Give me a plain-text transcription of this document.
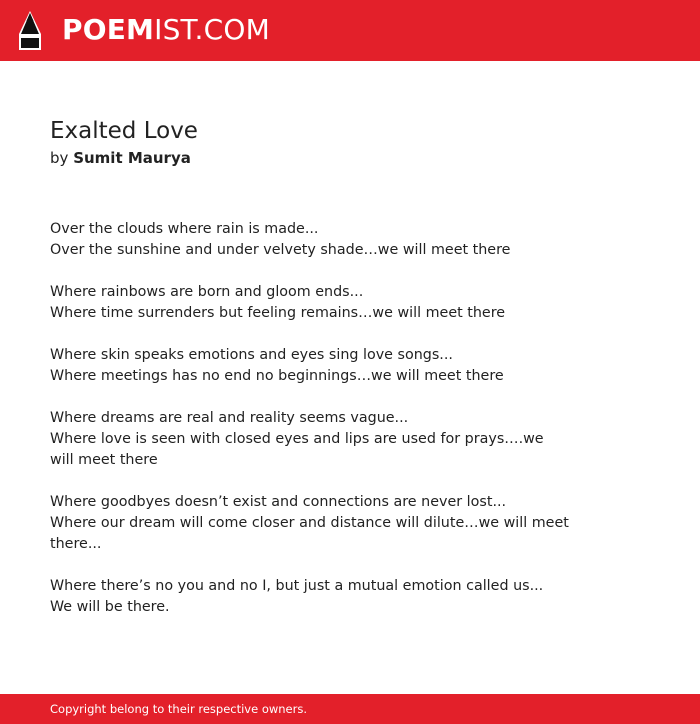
POEMIST.COM
Exalted Love
by Sumit Maurya
Over the clouds where rain is made...
Over the sunshine and under velvety shade…we will meet there
Where rainbows are born and gloom ends...
Where time surrenders but feeling remains…we will meet there
Where skin speaks emotions and eyes sing love songs...
Where meetings has no end no beginnings…we will meet there
Where dreams are real and reality seems vague...
Where love is seen with closed eyes and lips are used for prays….we will meet there
Where goodbyes doesn’t exist and connections are never lost...
Where our dream will come closer and distance will dilute…we will meet there...
Where there’s no you and no I, but just a mutual emotion called us...
We will be there.
Copyright belong to their respective owners.
